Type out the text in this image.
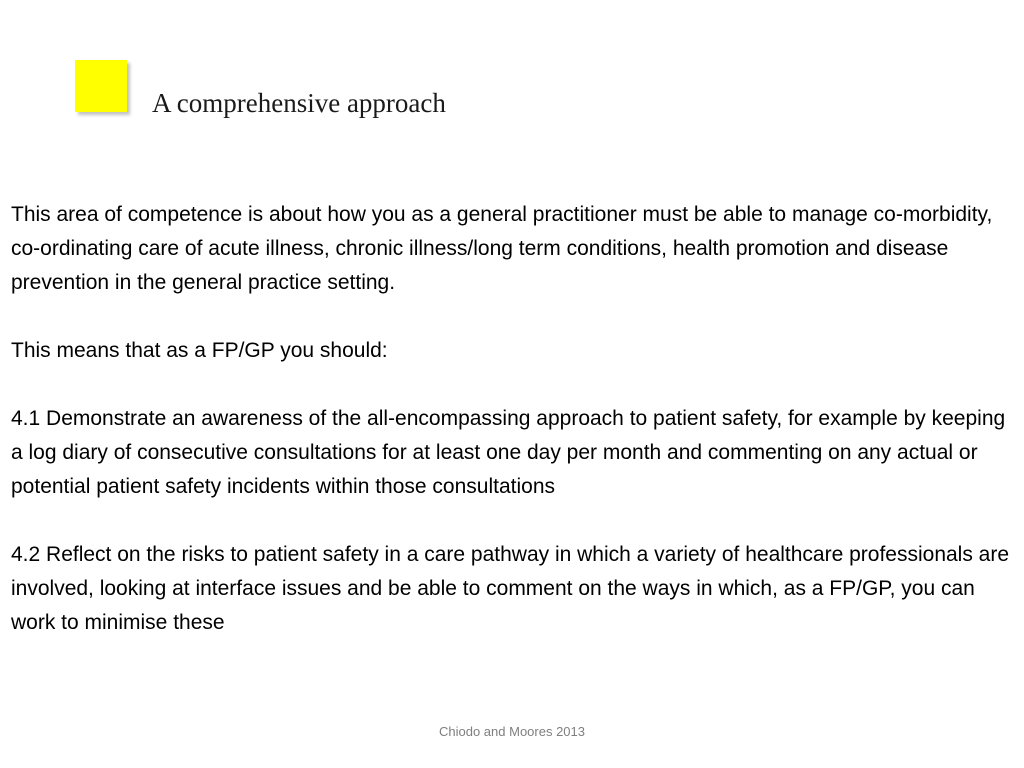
A comprehensive approach

This area of competence is about how you as a general practitioner must be able to manage co-morbidity, co-ordinating care of acute illness, chronic illness/long term conditions, health promotion and disease prevention in the general practice setting.

This means that as a FP/GP you should:

4.1 Demonstrate an awareness of the all-encompassing approach to patient safety, for example by keeping a log diary of consecutive consultations for at least one day per month and commenting on any actual or potential patient safety incidents within those consultations

4.2 Reflect on the risks to patient safety in a care pathway in which a variety of healthcare professionals are involved, looking at interface issues and be able to comment on the ways in which, as a FP/GP, you can work to minimise these

Chiodo and Moores 2013
